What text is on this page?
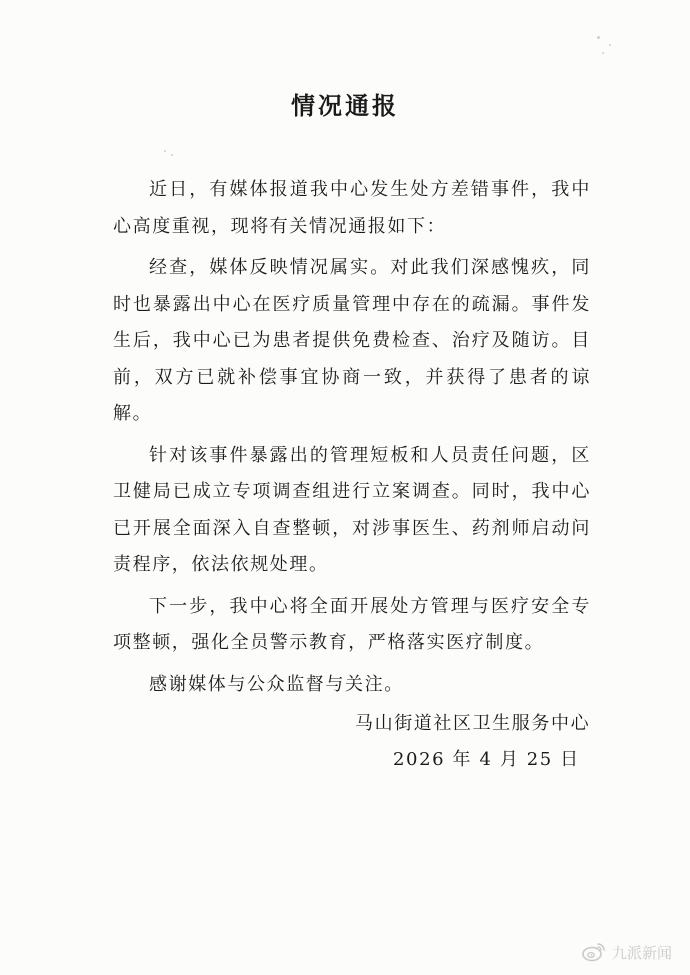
情况通报

近日，有媒体报道我中心发生处方差错事件，我中心高度重视，现将有关情况通报如下：

经查，媒体反映情况属实。对此我们深感愧疚，同时也暴露出中心在医疗质量管理中存在的疏漏。事件发生后，我中心已为患者提供免费检查、治疗及随访。目前，双方已就补偿事宜协商一致，并获得了患者的谅解。

针对该事件暴露出的管理短板和人员责任问题，区卫健局已成立专项调查组进行立案调查。同时，我中心已开展全面深入自查整顿，对涉事医生、药剂师启动问责程序，依法依规处理。

下一步，我中心将全面开展处方管理与医疗安全专项整顿，强化全员警示教育，严格落实医疗制度。

感谢媒体与公众监督与关注。

马山街道社区卫生服务中心
2026 年 4 月 25 日
九派新闻
